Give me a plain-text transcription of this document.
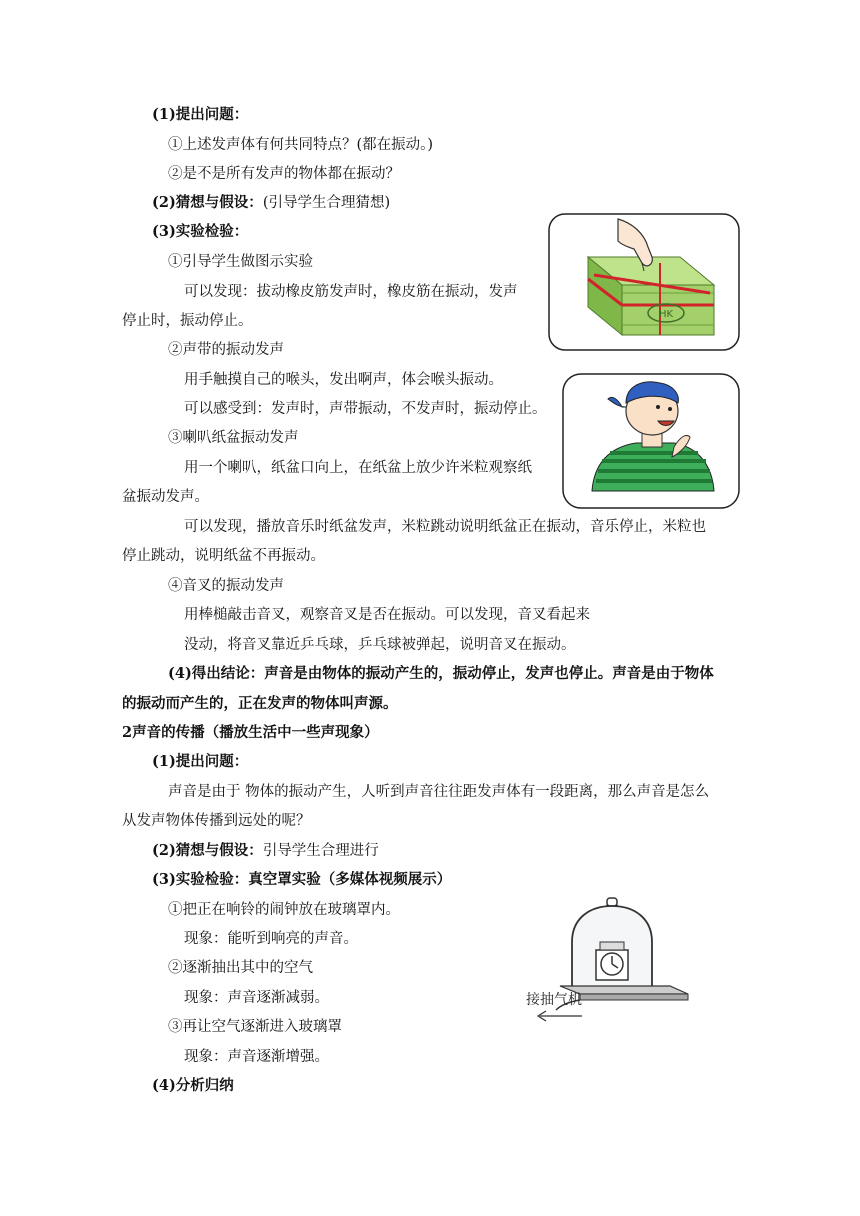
(1)提出问题：
①上述发声体有何共同特点？(都在振动。)
②是不是所有发声的物体都在振动？
(2)猜想与假设：(引导学生合理猜想)
(3)实验检验：
①引导学生做图示实验
可以发现：拔动橡皮筋发声时，橡皮筋在振动，发声
停止时，振动停止。
②声带的振动发声
用手触摸自己的喉头，发出啊声，体会喉头振动。
可以感受到：发声时，声带振动，不发声时，振动停止。
③喇叭纸盆振动发声
用一个喇叭，纸盆口向上，在纸盆上放少许米粒观察纸
盆振动发声。
可以发现，播放音乐时纸盆发声，米粒跳动说明纸盆正在振动，音乐停止，米粒也
停止跳动，说明纸盆不再振动。
④音叉的振动发声
用棒槌敲击音叉，观察音叉是否在振动。可以发现，音叉看起来
没动，将音叉靠近乒乓球，乒乓球被弹起，说明音叉在振动。
(4)得出结论：声音是由物体的振动产生的，振动停止，发声也停止。声音是由于物体
的振动而产生的，正在发声的物体叫声源。
2声音的传播（播放生活中一些声现象）
(1)提出问题：
声音是由于 物体的振动产生，人听到声音往往距发声体有一段距离，那么声音是怎么
从发声物体传播到远处的呢？
(2)猜想与假设：引导学生合理进行
(3)实验检验：真空罩实验（多媒体视频展示）
①把正在响铃的闹钟放在玻璃罩内。
现象：能听到响亮的声音。
②逐渐抽出其中的空气
现象：声音逐渐减弱。
③再让空气逐渐进入玻璃罩
现象：声音逐渐增强。
(4)分析归纳
HK
接抽气机
